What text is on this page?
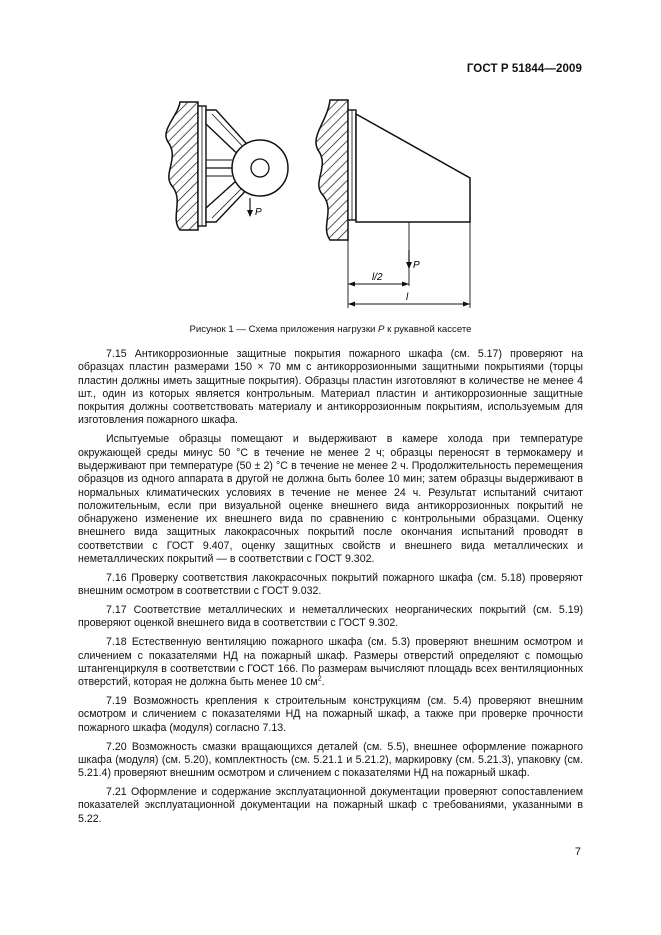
ГОСТ Р 51844—2009
P
P
l/2
l
Рисунок 1 — Схема приложения нагрузки P к рукавной кассете

7.15 Антикоррозионные защитные покрытия пожарного шкафа (см. 5.17) проверяют на образцах пластин размерами 150 × 70 мм с антикоррозионными защитными покрытиями (торцы пластин должны иметь защитные покрытия). Образцы пластин изготовляют в количестве не менее 4 шт., один из которых является контрольным. Материал пластин и антикоррозионные защитные покрытия должны соответствовать материалу и антикоррозионным покрытиям, используемым для изготовления пожарного шкафа.

Испытуемые образцы помещают и выдерживают в камере холода при температуре окружающей среды минус 50 °С в течение не менее 2 ч; образцы переносят в термокамеру и выдерживают при температуре (50 ± 2) °С в течение не менее 2 ч. Продолжительность перемещения образцов из одного аппарата в другой не должна быть более 10 мин; затем образцы выдерживают в нормальных климатических условиях в течение не менее 24 ч. Результат испытаний считают положительным, если при визуальной оценке внешнего вида антикоррозионных покрытий не обнаружено изменение их внешнего вида по сравнению с контрольными образцами. Оценку внешнего вида защитных лакокрасочных покрытий после окончания испытаний проводят в соответствии с ГОСТ 9.407, оценку защитных свойств и внешнего вида металлических и неметаллических покрытий — в соответствии с ГОСТ 9.302.

7.16 Проверку соответствия лакокрасочных покрытий пожарного шкафа (см. 5.18) проверяют внешним осмотром в соответствии с ГОСТ 9.032.

7.17 Соответствие металлических и неметаллических неорганических покрытий (см. 5.19) проверяют оценкой внешнего вида в соответствии с ГОСТ 9.302.

7.18 Естественную вентиляцию пожарного шкафа (см. 5.3) проверяют внешним осмотром и сличением с показателями НД на пожарный шкаф. Размеры отверстий определяют с помощью штангенциркуля в соответствии с ГОСТ 166. По размерам вычисляют площадь всех вентиляционных отверстий, которая не должна быть менее 10 $см^2$.

7.19 Возможность крепления к строительным конструкциям (см. 5.4) проверяют внешним осмотром и сличением с показателями НД на пожарный шкаф, а также при проверке прочности пожарного шкафа (модуля) согласно 7.13.

7.20 Возможность смазки вращающихся деталей (см. 5.5), внешнее оформление пожарного шкафа (модуля) (см. 5.20), комплектность (см. 5.21.1 и 5.21.2), маркировку (см. 5.21.3), упаковку (см. 5.21.4) проверяют внешним осмотром и сличением с показателями НД на пожарный шкаф.

7.21 Оформление и содержание эксплуатационной документации проверяют сопоставлением показателей эксплуатационной документации на пожарный шкаф с требованиями, указанными в 5.22.

7
